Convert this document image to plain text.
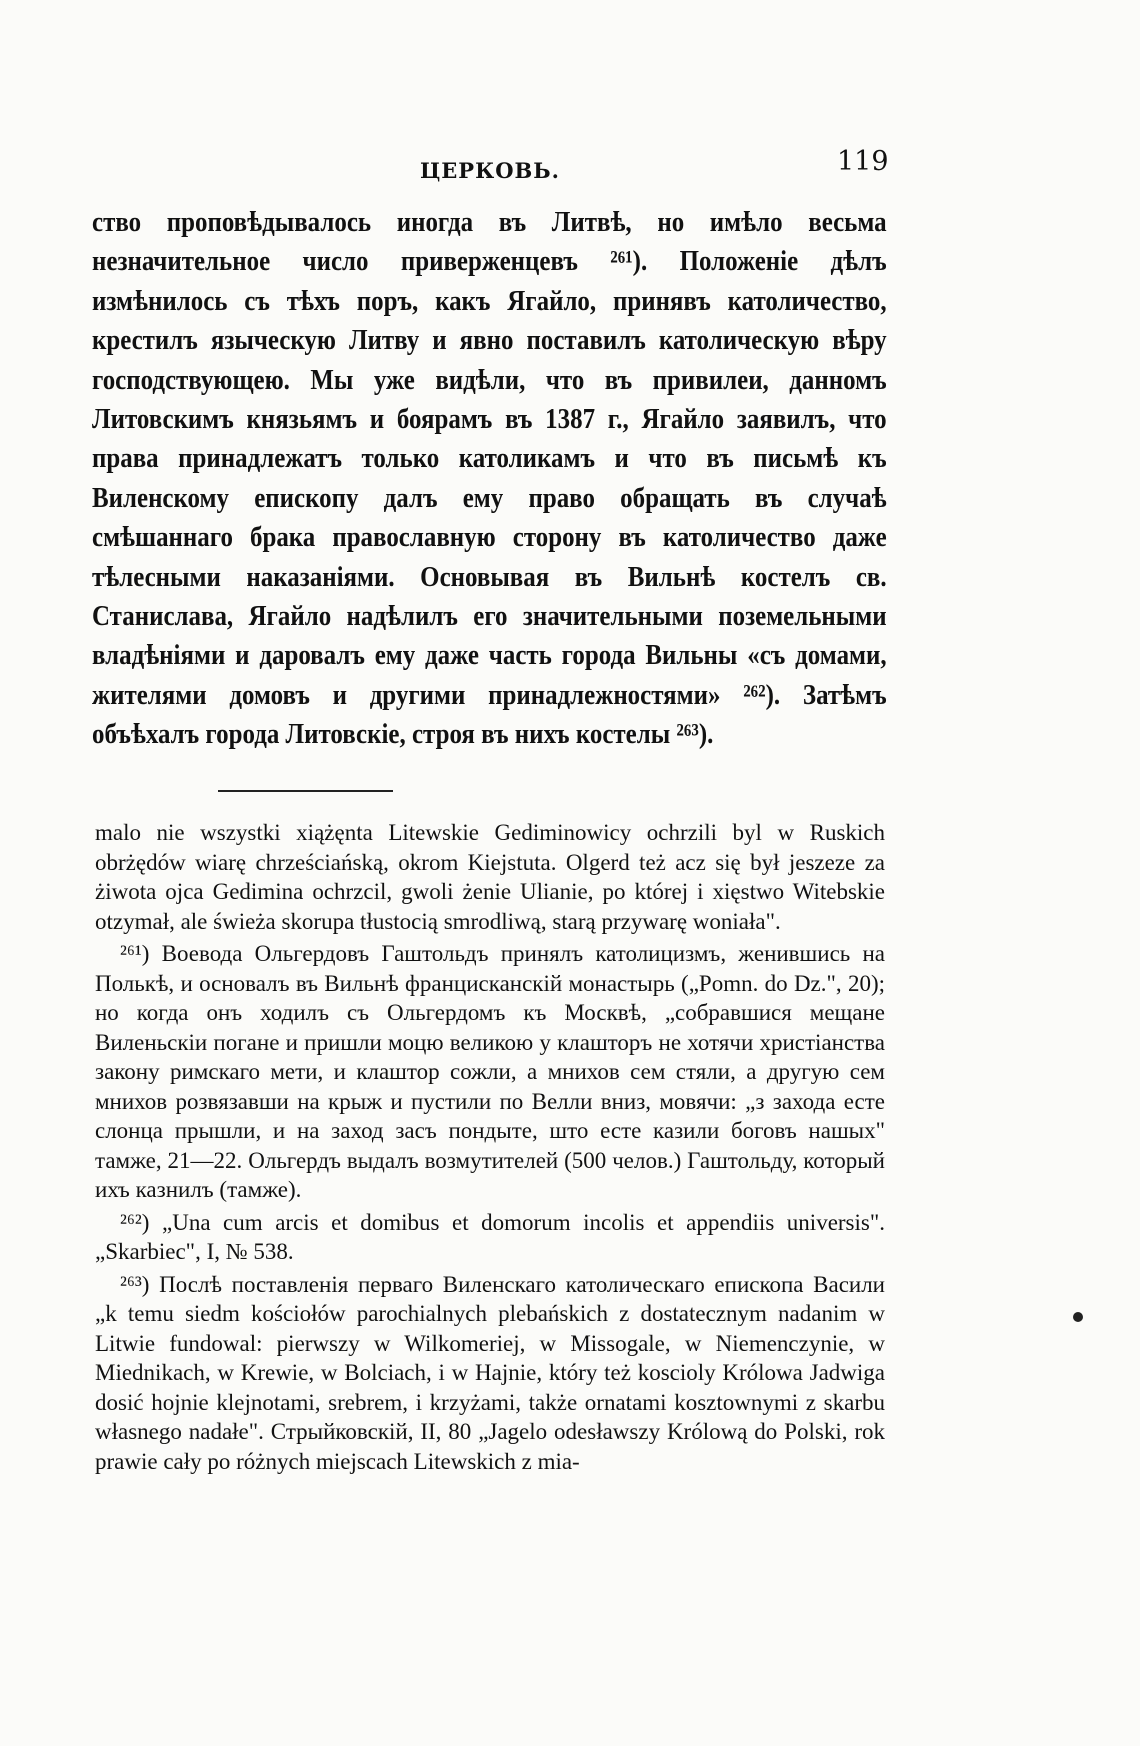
ЦЕРКОВЬ.	119
ство проповѣдывалось иногда въ Литвѣ, но имѣло весьма незначительное число приверженцевъ ²⁶¹). Положеніе дѣлъ измѣнилось съ тѣхъ поръ, какъ Ягайло, принявъ католичество, крестилъ языческую Литву и явно поставилъ католическую вѣру господствующею. Мы уже видѣли, что въ привилеи, данномъ Литовскимъ князьямъ и боярамъ въ 1387 г., Ягайло заявилъ, что права принадлежатъ только католикамъ и что въ письмѣ къ Виленскому епископу далъ ему право обращать въ случаѣ смѣшаннаго брака православную сторону въ католичество даже тѣлесными наказаніями. Основывая въ Вильнѣ костелъ св. Станислава, Ягайло надѣлилъ его значительными поземельными владѣніями и даровалъ ему даже часть города Вильны «съ домами, жителями домовъ и другими принадлежностями» ²⁶²). Затѣмъ объѣхалъ города Литовскіе, строя въ нихъ костелы ²⁶³).

malo nie wszystki xiążęnta Litewskie Gediminowicy ochrzili byl w Ruskich obrżędów wiarę chrześciańską, okrom Kiejstuta. Olgerd też acz się był jeszeze za żiwota ojca Gedimina ochrzcil, gwoli żenie Ulianie, po której i xięstwo Witebskie otzymał, ale świeża skorupa tłustocią smrodliwą, starą przywarę woniała".

²⁶¹) Воевода Ольгердовъ Гаштольдъ принялъ католицизмъ, женившись на Полькѣ, и основалъ въ Вильнѣ францисканскій монастырь („Pomn. do Dz.", 20); но когда онъ ходилъ съ Ольгердомъ къ Москвѣ, „собравшися мещане Виленьскіи погане и пришли моцю великою у клашторъ не хотячи христіанства закону римскаго мети, и клаштор сожли, а мнихов сем стяли, а другую сем мнихов розвязавши на крыж и пустили по Велли вниз, мовячи: „з захода есте слонца прышли, и на заход засъ пондыте, што есте казили боговъ нашых" тамже, 21—22. Ольгердъ выдалъ возмутителей (500 челов.) Гаштольду, который ихъ казнилъ (тамже).

²⁶²) „Una cum arcis et domibus et domorum incolis et appendiis universis". „Skarbiec", I, № 538.

²⁶³) Послѣ поставленія перваго Виленскаго католическаго епископа Васили „k temu siedm kościołów parochialnych plebańskich z dostatecznym nadanim w Litwie fundowal: pierwszy w Wilkomeriej, w Missogale, w Niemenczynie, w Miednikach, w Krewie, w Bolciach, i w Hajnie, który też koscioly Królowa Jadwiga dosić hojnie klejnotami, srebrem, i krzyżami, także ornatami kosztownymi z skarbu własnego nadałe". Стрыйковскій, II, 80 „Jagelo odesławszy Królową do Polski, rok prawie cały po różnych miejscach Litewskich z miа-
